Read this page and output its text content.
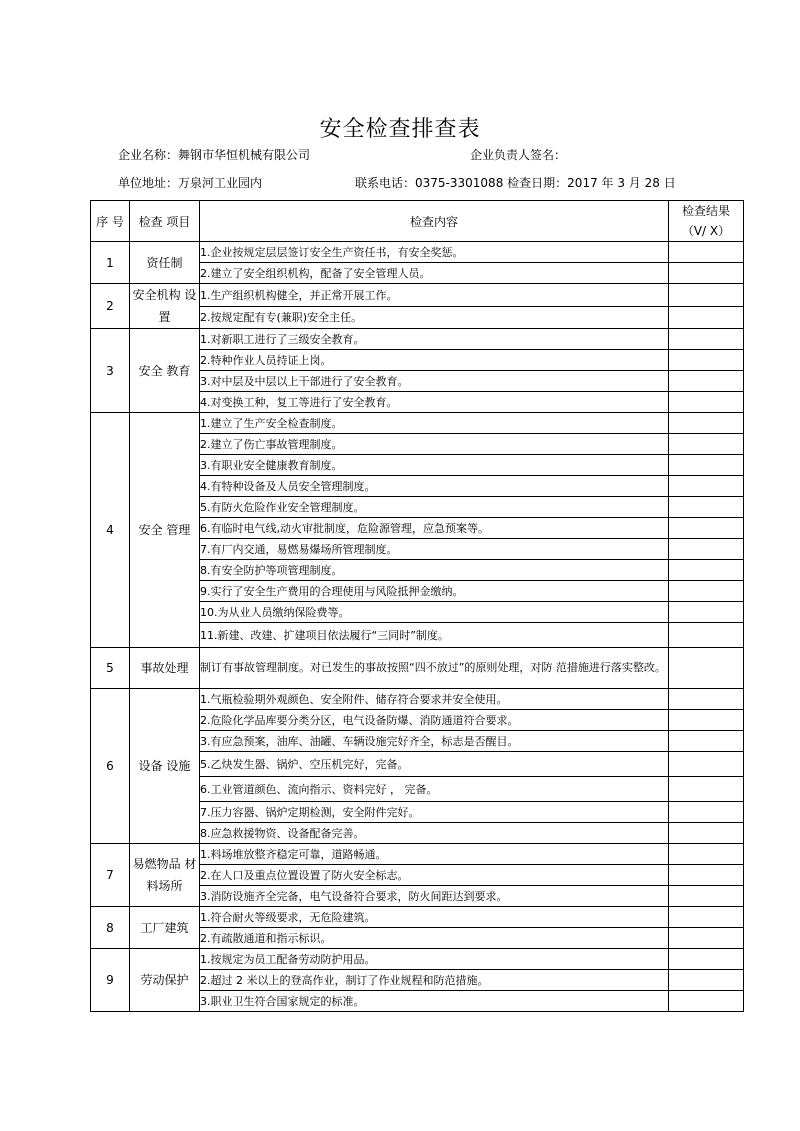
安全检查排查表
企业名称：舞钢市华恒机械有限公司	企业负责人签名：
单位地址：万泉河工业园内	联系电话：0375-3301088 检查日期：2017 年 3 月 28 日
序 号	检查 项目	检查内容	检查结果
（V/ X）

1	资任制	1.企业按规定层层签订安全生产资任书，有安全奖惩。	
		2.建立了安全组织机构，配备了安全管理人员。	
2	安全机构 设置	1.生产组织机构健全，并正常开展工作。	
		2.按规定配有专(兼职)安全主任。	
3	安全 教育	1.对新职工进行了三级安全教育。	
		2.特种作业人员持证上岗。	
		3.对中层及中层以上干部进行了安全教育。	
		4.对变换工种，复工等进行了安全教育。	
4	安全 管理	1.建立了生产安全检查制度。	
		2.建立了伤亡事故管理制度。	
		3.有职业安全健康教育制度。	
		4.有特种设备及人员安全管理制度。	
		5.有防火危险作业安全管理制度。	
		6.有临时电气线,动火审批制度，危险源管理，应急预案等。	
		7.有厂内交通，易燃易爆场所管理制度。	
		8.有安全防护等项管理制度。	
		9.实行了安全生产费用的合理使用与风险抵押金缴纳。	
		10.为从业人员缴纳保险费等。	
		11.新建、改建、扩建项目依法履行“三同时”制度。	
5	事故处理	制订有事故管理制度。对已发生的事故按照“四不放过”的原则处理，对防 范措施进行落实整改。	
6	设备 设施	1.气瓶检验期外观颜色、安全附件、储存符合要求并安全使用。	
		2.危险化学品库要分类分区，电气设备防爆、消防通道符合要求。	
		3.有应急预案，油库、油罐、车辆设施完好齐全，标志是否醒目。	
		5.乙炔发生器、锅炉、空压机完好，完备。	
		6.工业管道颜色、流向指示、资料完好 ， 完备。	
		7.压力容器、锅炉定期检测，安全附件完好。	
		8.应急救援物资、设备配备完善。	
7	易燃物品 材料场所	1.料场堆放整齐稳定可靠，道路畅通。	
		2.在人口及重点位置设置了防火安全标志。	
		3.消防设施齐全完备，电气设备符合要求，防火间距达到要求。	
8	工厂建筑	1.符合耐火等级要求，无危险建筑。	
		2.有疏散通道和指示标识。	
9	劳动保护	1.按规定为员工配备劳动防护用品。	
		2.超过 2 米以上的登高作业，制订了作业规程和防范措施。	
		3.职业卫生符合国家规定的标准。	
